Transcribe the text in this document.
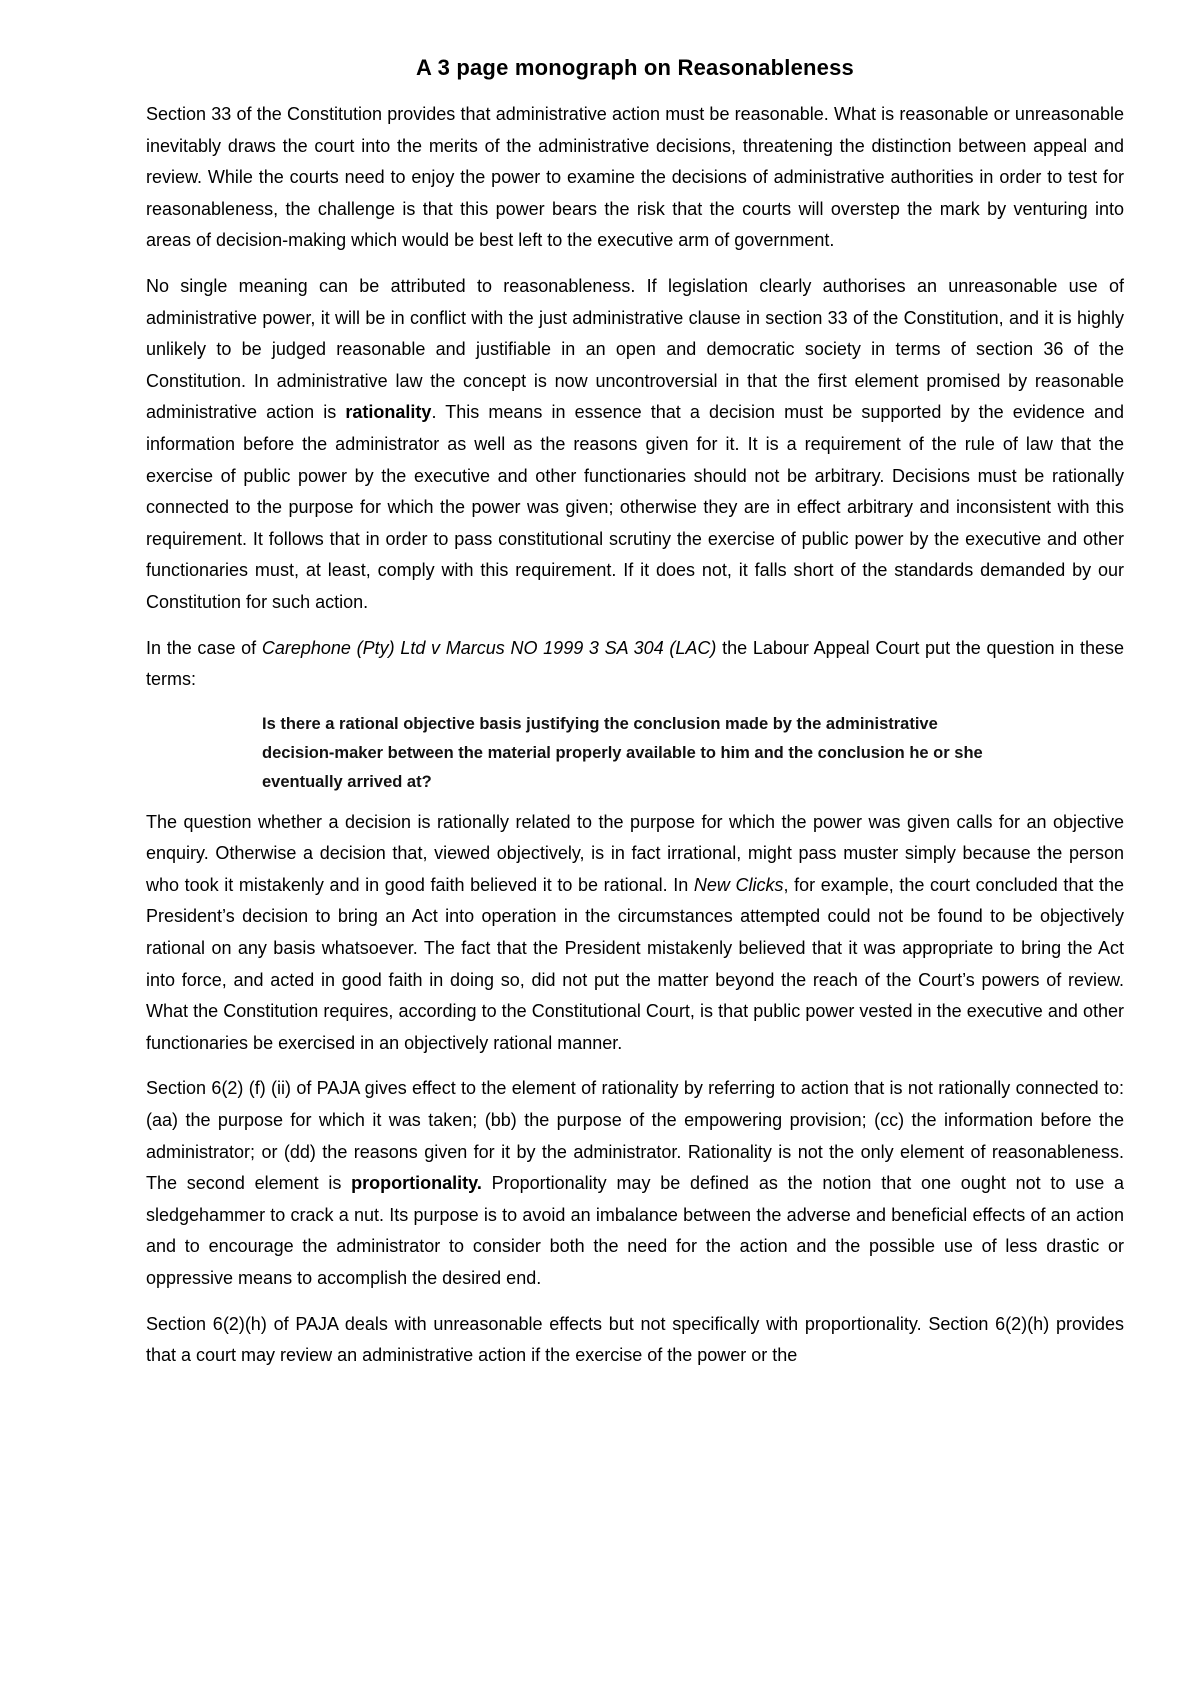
A 3 page monograph on Reasonableness

Section 33 of the Constitution provides that administrative action must be reasonable. What is reasonable or unreasonable inevitably draws the court into the merits of the administrative decisions, threatening the distinction between appeal and review. While the courts need to enjoy the power to examine the decisions of administrative authorities in order to test for reasonableness, the challenge is that this power bears the risk that the courts will overstep the mark by venturing into areas of decision-making which would be best left to the executive arm of government.

No single meaning can be attributed to reasonableness. If legislation clearly authorises an unreasonable use of administrative power, it will be in conflict with the just administrative clause in section 33 of the Constitution, and it is highly unlikely to be judged reasonable and justifiable in an open and democratic society in terms of section 36 of the Constitution. In administrative law the concept is now uncontroversial in that the first element promised by reasonable administrative action is rationality. This means in essence that a decision must be supported by the evidence and information before the administrator as well as the reasons given for it. It is a requirement of the rule of law that the exercise of public power by the executive and other functionaries should not be arbitrary. Decisions must be rationally connected to the purpose for which the power was given; otherwise they are in effect arbitrary and inconsistent with this requirement. It follows that in order to pass constitutional scrutiny the exercise of public power by the executive and other functionaries must, at least, comply with this requirement. If it does not, it falls short of the standards demanded by our Constitution for such action.

In the case of Carephone (Pty) Ltd v Marcus NO 1999 3 SA 304 (LAC) the Labour Appeal Court put the question in these terms:

Is there a rational objective basis justifying the conclusion made by the administrative decision-maker between the material properly available to him and the conclusion he or she eventually arrived at?

The question whether a decision is rationally related to the purpose for which the power was given calls for an objective enquiry. Otherwise a decision that, viewed objectively, is in fact irrational, might pass muster simply because the person who took it mistakenly and in good faith believed it to be rational. In New Clicks, for example, the court concluded that the President’s decision to bring an Act into operation in the circumstances attempted could not be found to be objectively rational on any basis whatsoever. The fact that the President mistakenly believed that it was appropriate to bring the Act into force, and acted in good faith in doing so, did not put the matter beyond the reach of the Court’s powers of review. What the Constitution requires, according to the Constitutional Court, is that public power vested in the executive and other functionaries be exercised in an objectively rational manner.

Section 6(2) (f) (ii) of PAJA gives effect to the element of rationality by referring to action that is not rationally connected to: (aa) the purpose for which it was taken; (bb) the purpose of the empowering provision; (cc) the information before the administrator; or (dd) the reasons given for it by the administrator. Rationality is not the only element of reasonableness. The second element is proportionality. Proportionality may be defined as the notion that one ought not to use a sledgehammer to crack a nut. Its purpose is to avoid an imbalance between the adverse and beneficial effects of an action and to encourage the administrator to consider both the need for the action and the possible use of less drastic or oppressive means to accomplish the desired end.

Section 6(2)(h) of PAJA deals with unreasonable effects but not specifically with proportionality. Section 6(2)(h) provides that a court may review an administrative action if the exercise of the power or the
